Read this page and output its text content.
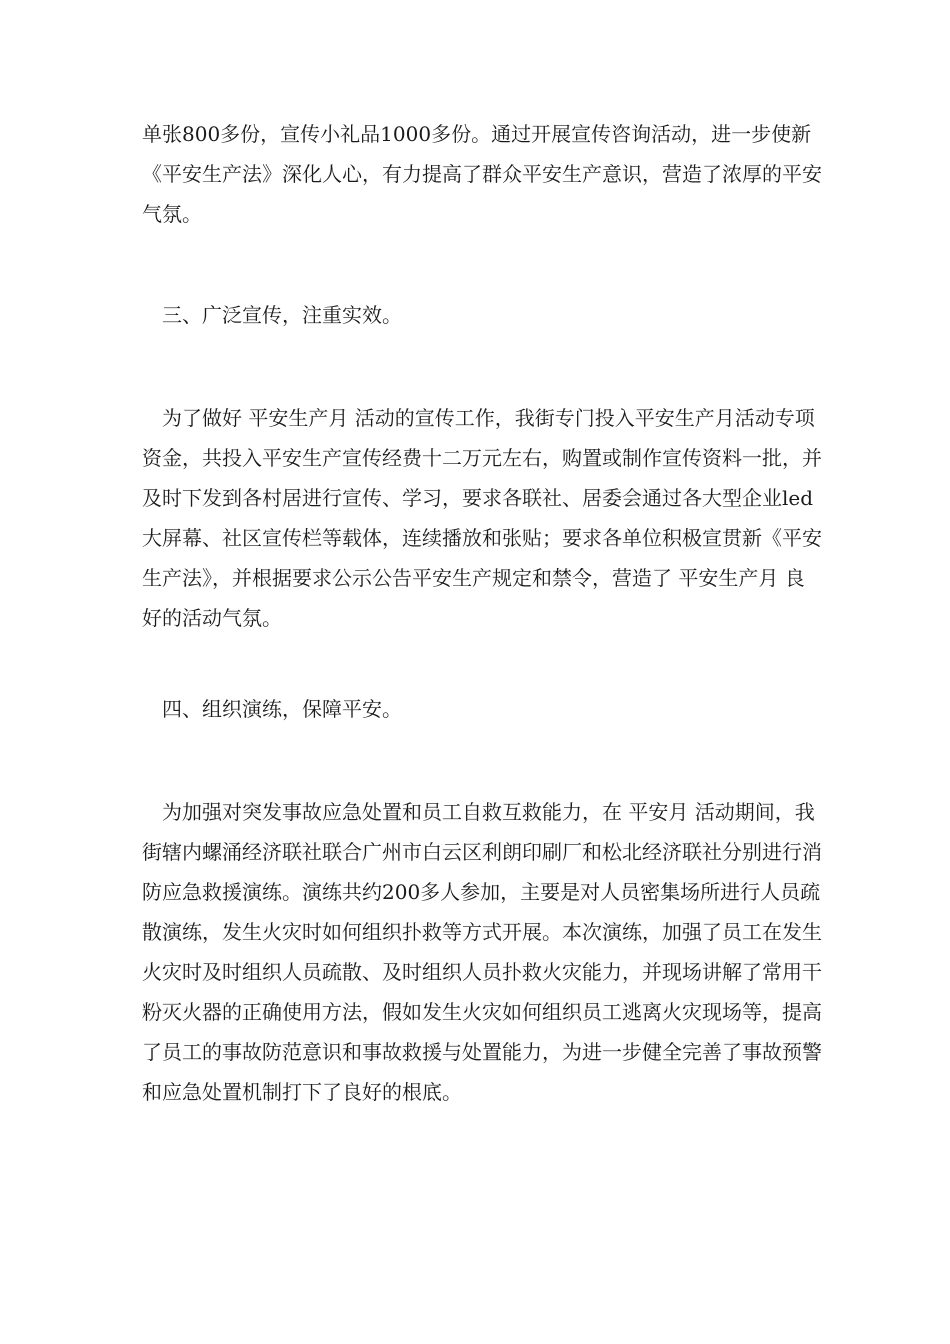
单张800多份，宣传小礼品1000多份。通过开展宣传咨询活动，进一步使新
《平安生产法》深化人心，有力提高了群众平安生产意识，营造了浓厚的平安
气氛。
　三、广泛宣传，注重实效。
　为了做好 平安生产月 活动的宣传工作，我街专门投入平安生产月活动专项
资金，共投入平安生产宣传经费十二万元左右，购置或制作宣传资料一批，并
及时下发到各村居进行宣传、学习，要求各联社、居委会通过各大型企业led
大屏幕、社区宣传栏等载体，连续播放和张贴；要求各单位积极宣贯新《平安
生产法》，并根据要求公示公告平安生产规定和禁令，营造了 平安生产月 良
好的活动气氛。
　四、组织演练，保障平安。
　为加强对突发事故应急处置和员工自救互救能力，在 平安月 活动期间，我
街辖内螺涌经济联社联合广州市白云区利朗印刷厂和松北经济联社分别进行消
防应急救援演练。演练共约200多人参加，主要是对人员密集场所进行人员疏
散演练，发生火灾时如何组织扑救等方式开展。本次演练，加强了员工在发生
火灾时及时组织人员疏散、及时组织人员扑救火灾能力，并现场讲解了常用干
粉灭火器的正确使用方法，假如发生火灾如何组织员工逃离火灾现场等，提高
了员工的事故防范意识和事故救援与处置能力，为进一步健全完善了事故预警
和应急处置机制打下了良好的根底。
